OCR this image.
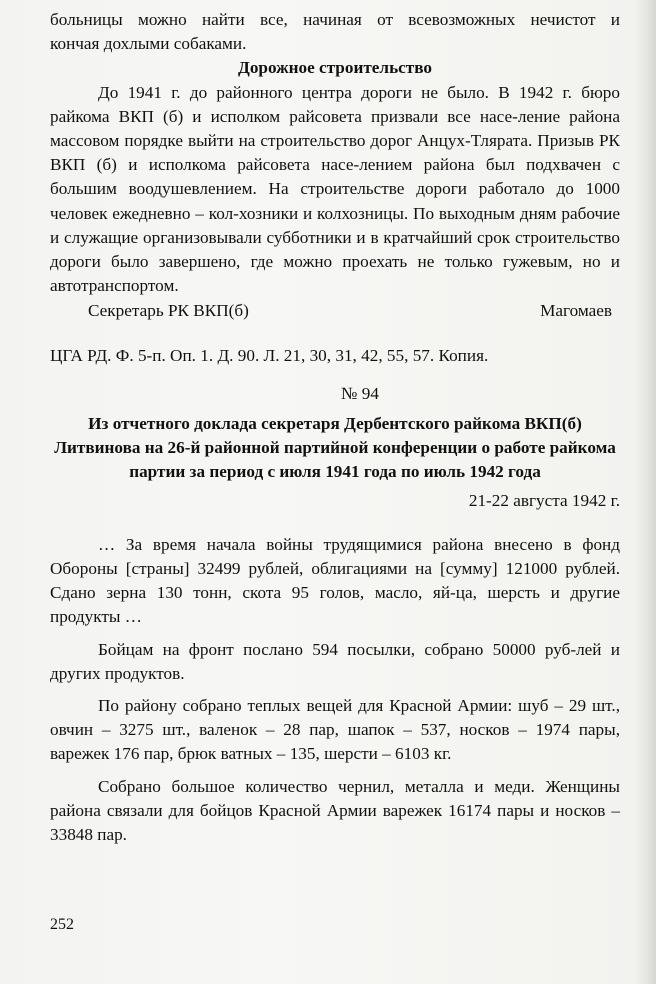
больницы можно найти все, начиная от всевозможных нечистот и

кончая дохлыми собаками.

Дорожное строительство

До 1941 г. до районного центра дороги не было. В 1942 г. бюро райкома ВКП (б) и исполком райсовета призвали все насе-ление района массовом порядке выйти на строительство дорог Анцух-Тлярата. Призыв РК ВКП (б) и исполкома райсовета насе-лением района был подхвачен с большим воодушевлением. На строительстве дороги работало до 1000 человек ежедневно – кол-хозники и колхозницы. По выходным дням рабочие и служащие организовывали субботники и в кратчайший срок строительство дороги было завершено, где можно проехать не только гужевым, но и автотранспортом.

Секретарь РК ВКП(б)	Магомаев

ЦГА РД. Ф. 5-п. Оп. 1. Д. 90. Л. 21, 30, 31, 42, 55, 57. Копия.

№ 94

Из отчетного доклада секретаря Дербентского райкома ВКП(б) Литвинова на 26-й районной партийной конференции о работе райкома партии за период с июля 1941 года по июль 1942 года

21-22 августа 1942 г.

… За время начала войны трудящимися района внесено в фонд Обороны [страны] 32499 рублей, облигациями на [сумму] 121000 рублей. Сдано зерна 130 тонн, скота 95 голов, масло, яй-ца, шерсть и другие продукты …

Бойцам на фронт послано 594 посылки, собрано 50000 руб-лей и других продуктов.

По району собрано теплых вещей для Красной Армии: шуб – 29 шт., овчин – 3275 шт., валенок – 28 пар, шапок – 537, носков – 1974 пары, варежек 176 пар, брюк ватных – 135, шерсти – 6103 кг.

Собрано большое количество чернил, металла и меди. Женщины района связали для бойцов Красной Армии варежек 16174 пары и носков – 33848 пар.

252
